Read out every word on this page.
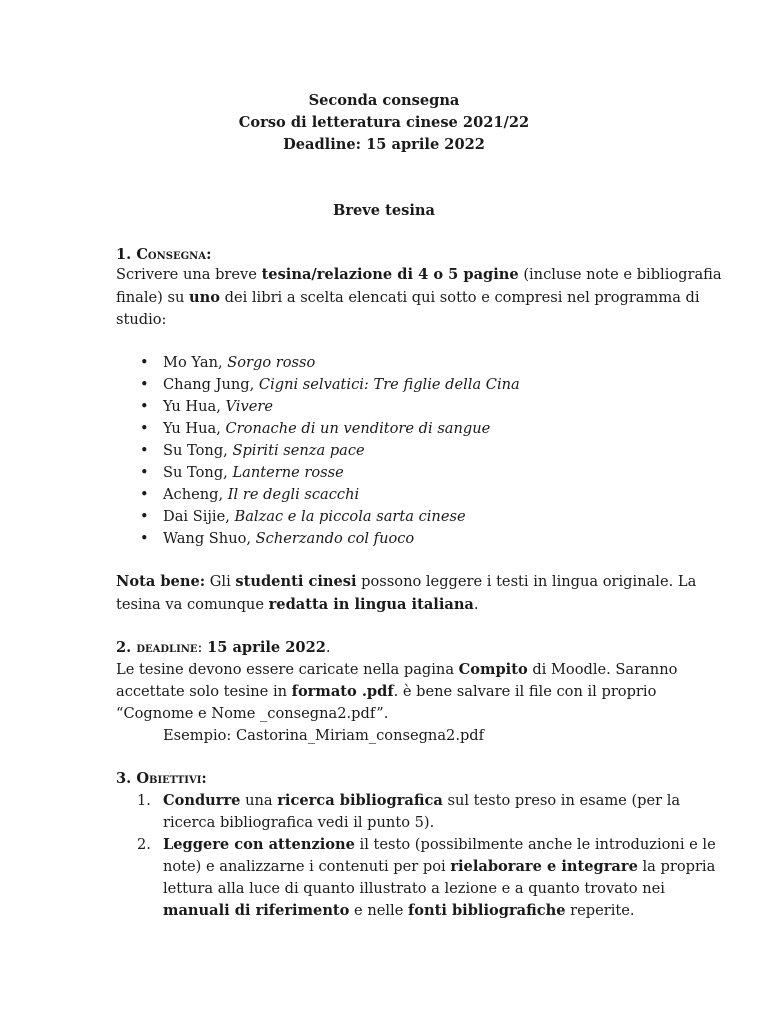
Seconda consegna
Corso di letteratura cinese 2021/22
Deadline: 15 aprile 2022
Breve tesina
1. Consegna:
Scrivere una breve tesina/relazione di 4 o 5 pagine (incluse note e bibliografia
finale) su uno dei libri a scelta elencati qui sotto e compresi nel programma di
studio:
• Mo Yan, Sorgo rosso
• Chang Jung, Cigni selvatici: Tre figlie della Cina
• Yu Hua, Vivere
• Yu Hua, Cronache di un venditore di sangue
• Su Tong, Spiriti senza pace
• Su Tong, Lanterne rosse
• Acheng, Il re degli scacchi
• Dai Sijie, Balzac e la piccola sarta cinese
• Wang Shuo, Scherzando col fuoco
Nota bene: Gli studenti cinesi possono leggere i testi in lingua originale. La
tesina va comunque redatta in lingua italiana.
2. deadline: 15 aprile 2022.
Le tesine devono essere caricate nella pagina Compito di Moodle. Saranno
accettate solo tesine in formato .pdf. è bene salvare il file con il proprio
“Cognome e Nome _consegna2.pdf”.
Esempio: Castorina_Miriam_consegna2.pdf
3. Obiettivi:
1. Condurre una ricerca bibliografica sul testo preso in esame (per la
ricerca bibliografica vedi il punto 5).
2. Leggere con attenzione il testo (possibilmente anche le introduzioni e le
note) e analizzarne i contenuti per poi rielaborare e integrare la propria
lettura alla luce di quanto illustrato a lezione e a quanto trovato nei
manuali di riferimento e nelle fonti bibliografiche reperite.
